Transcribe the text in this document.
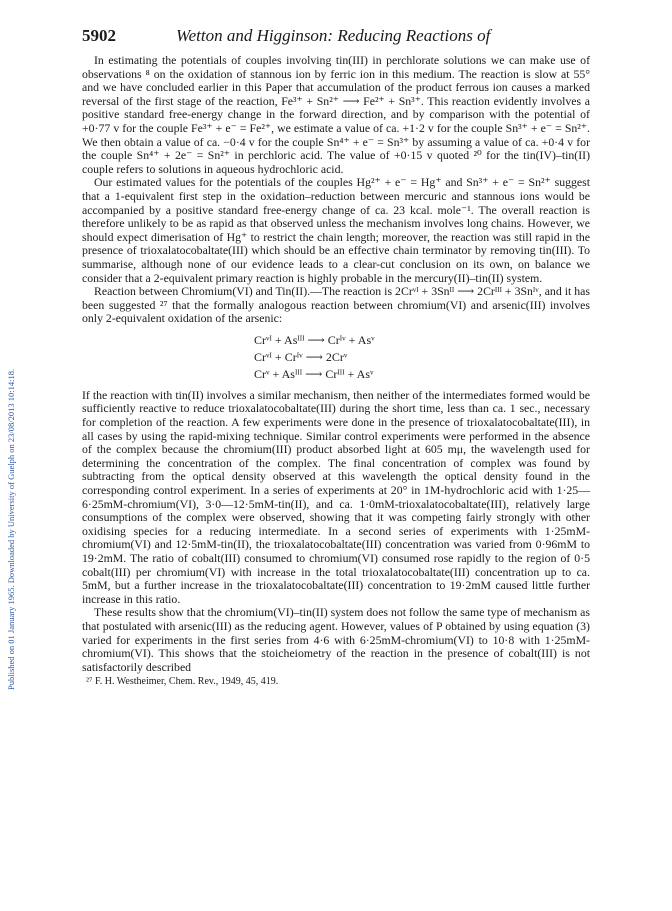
Published on 01 January 1965. Downloaded by University of Guelph on 23/08/2013 10:14:18.
5902	Wetton and Higginson: Reducing Reactions of

In estimating the potentials of couples involving tin(III) in perchlorate solutions we can make use of observations ⁸ on the oxidation of stannous ion by ferric ion in this medium. The reaction is slow at 55° and we have concluded earlier in this Paper that accumulation of the product ferrous ion causes a marked reversal of the first stage of the reaction, Fe³⁺ + Sn²⁺ ⟶ Fe²⁺ + Sn³⁺. This reaction evidently involves a positive standard free-energy change in the forward direction, and by comparison with the potential of +0·77 v for the couple Fe³⁺ + e⁻ = Fe²⁺, we estimate a value of ca. +1·2 v for the couple Sn³⁺ + e⁻ = Sn²⁺. We then obtain a value of ca. −0·4 v for the couple Sn⁴⁺ + e⁻ = Sn³⁺ by assuming a value of ca. +0·4 v for the couple Sn⁴⁺ + 2e⁻ = Sn²⁺ in perchloric acid. The value of +0·15 v quoted ²⁰ for the tin(IV)–tin(II) couple refers to solutions in aqueous hydrochloric acid.

Our estimated values for the potentials of the couples Hg²⁺ + e⁻ = Hg⁺ and Sn³⁺ + e⁻ = Sn²⁺ suggest that a 1-equivalent first step in the oxidation–reduction between mercuric and stannous ions would be accompanied by a positive standard free-energy change of ca. 23 kcal. mole⁻¹. The overall reaction is therefore unlikely to be as rapid as that observed unless the mechanism involves long chains. However, we should expect dimerisation of Hg⁺ to restrict the chain length; moreover, the reaction was still rapid in the presence of trioxalatocobaltate(III) which should be an effective chain terminator by removing tin(III). To summarise, although none of our evidence leads to a clear-cut conclusion on its own, on balance we consider that a 2-equivalent primary reaction is highly probable in the mercury(II)–tin(II) system.

Reaction between Chromium(VI) and Tin(II).—The reaction is 2Crᵛᴵ + 3Snᴵᴵ ⟶ 2Crᴵᴵᴵ + 3Snᴵᵛ, and it has been suggested ²⁷ that the formally analogous reaction between chromium(VI) and arsenic(III) involves only 2-equivalent oxidation of the arsenic:

Crᵛᴵ + Asᴵᴵᴵ ⟶ Crᴵᵛ + Asᵛ
Crᵛᴵ + Crᴵᵛ ⟶ 2Crᵛ
Crᵛ + Asᴵᴵᴵ ⟶ Crᴵᴵᴵ + Asᵛ

If the reaction with tin(II) involves a similar mechanism, then neither of the intermediates formed would be sufficiently reactive to reduce trioxalatocobaltate(III) during the short time, less than ca. 1 sec., necessary for completion of the reaction. A few experiments were done in the presence of trioxalatocobaltate(III), in all cases by using the rapid-mixing technique. Similar control experiments were performed in the absence of the complex because the chromium(III) product absorbed light at 605 mμ, the wavelength used for determining the concentration of the complex. The final concentration of complex was found by subtracting from the optical density observed at this wavelength the optical density found in the corresponding control experiment. In a series of experiments at 20° in 1M-hydrochloric acid with 1·25—6·25mM-chromium(VI), 3·0—12·5mM-tin(II), and ca. 1·0mM-trioxalatocobaltate(III), relatively large consumptions of the complex were observed, showing that it was competing fairly strongly with other oxidising species for a reducing intermediate. In a second series of experiments with 1·25mM-chromium(VI) and 12·5mM-tin(II), the trioxalatocobaltate(III) concentration was varied from 0·96mM to 19·2mM. The ratio of cobalt(III) consumed to chromium(VI) consumed rose rapidly to the region of 0·5 cobalt(III) per chromium(VI) with increase in the total trioxalatocobaltate(III) concentration up to ca. 5mM, but a further increase in the trioxalatocobaltate(III) concentration to 19·2mM caused little further increase in this ratio.

These results show that the chromium(VI)–tin(II) system does not follow the same type of mechanism as that postulated with arsenic(III) as the reducing agent. However, values of P obtained by using equation (3) varied for experiments in the first series from 4·6 with 6·25mM-chromium(VI) to 10·8 with 1·25mM-chromium(VI). This shows that the stoicheiometry of the reaction in the presence of cobalt(III) is not satisfactorily described

²⁷ F. H. Westheimer, Chem. Rev., 1949, 45, 419.
